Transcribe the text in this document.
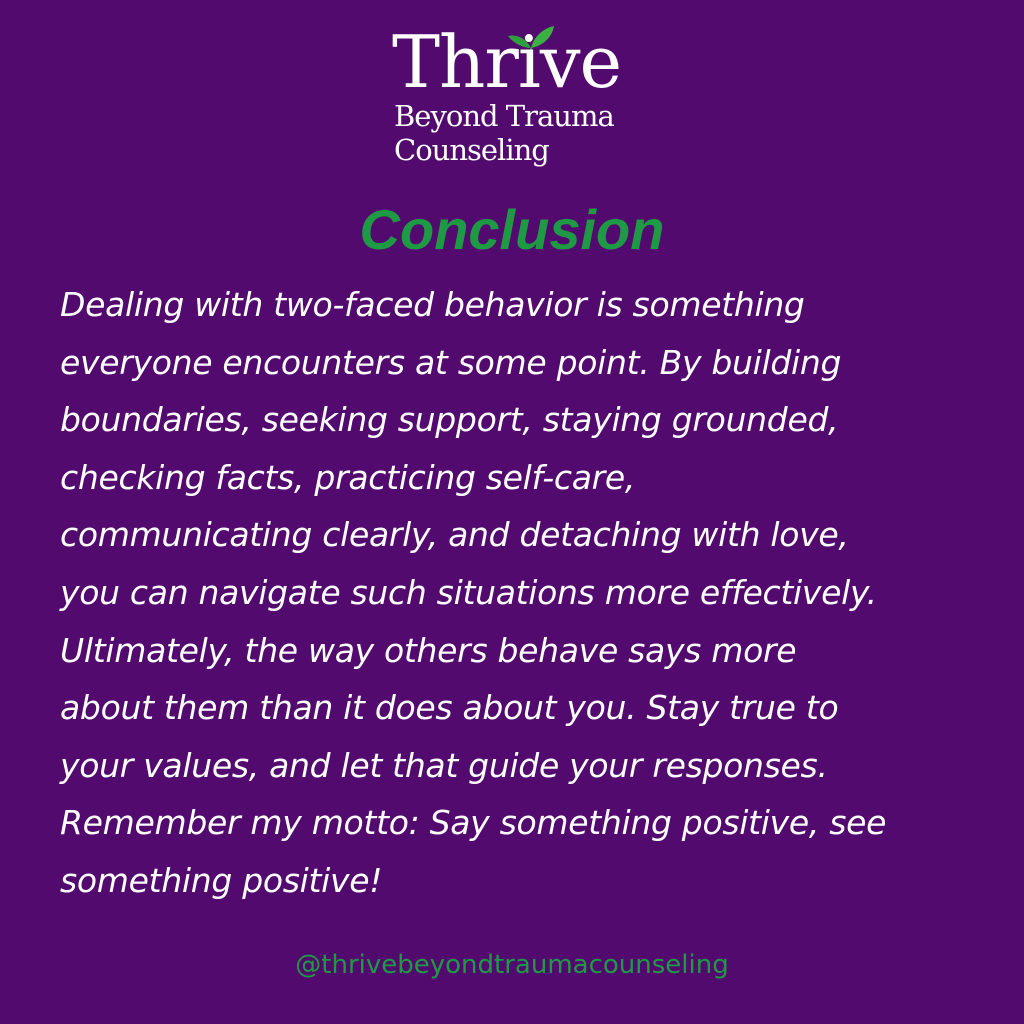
Thrive
Beyond Trauma
Counseling
Conclusion
Dealing with two-faced behavior is something
everyone encounters at some point. By building
boundaries, seeking support, staying grounded,
checking facts, practicing self-care,
communicating clearly, and detaching with love,
you can navigate such situations more effectively.
Ultimately, the way others behave says more
about them than it does about you. Stay true to
your values, and let that guide your responses.
Remember my motto: Say something positive, see
something positive!
@thrivebeyondtraumacounseling
